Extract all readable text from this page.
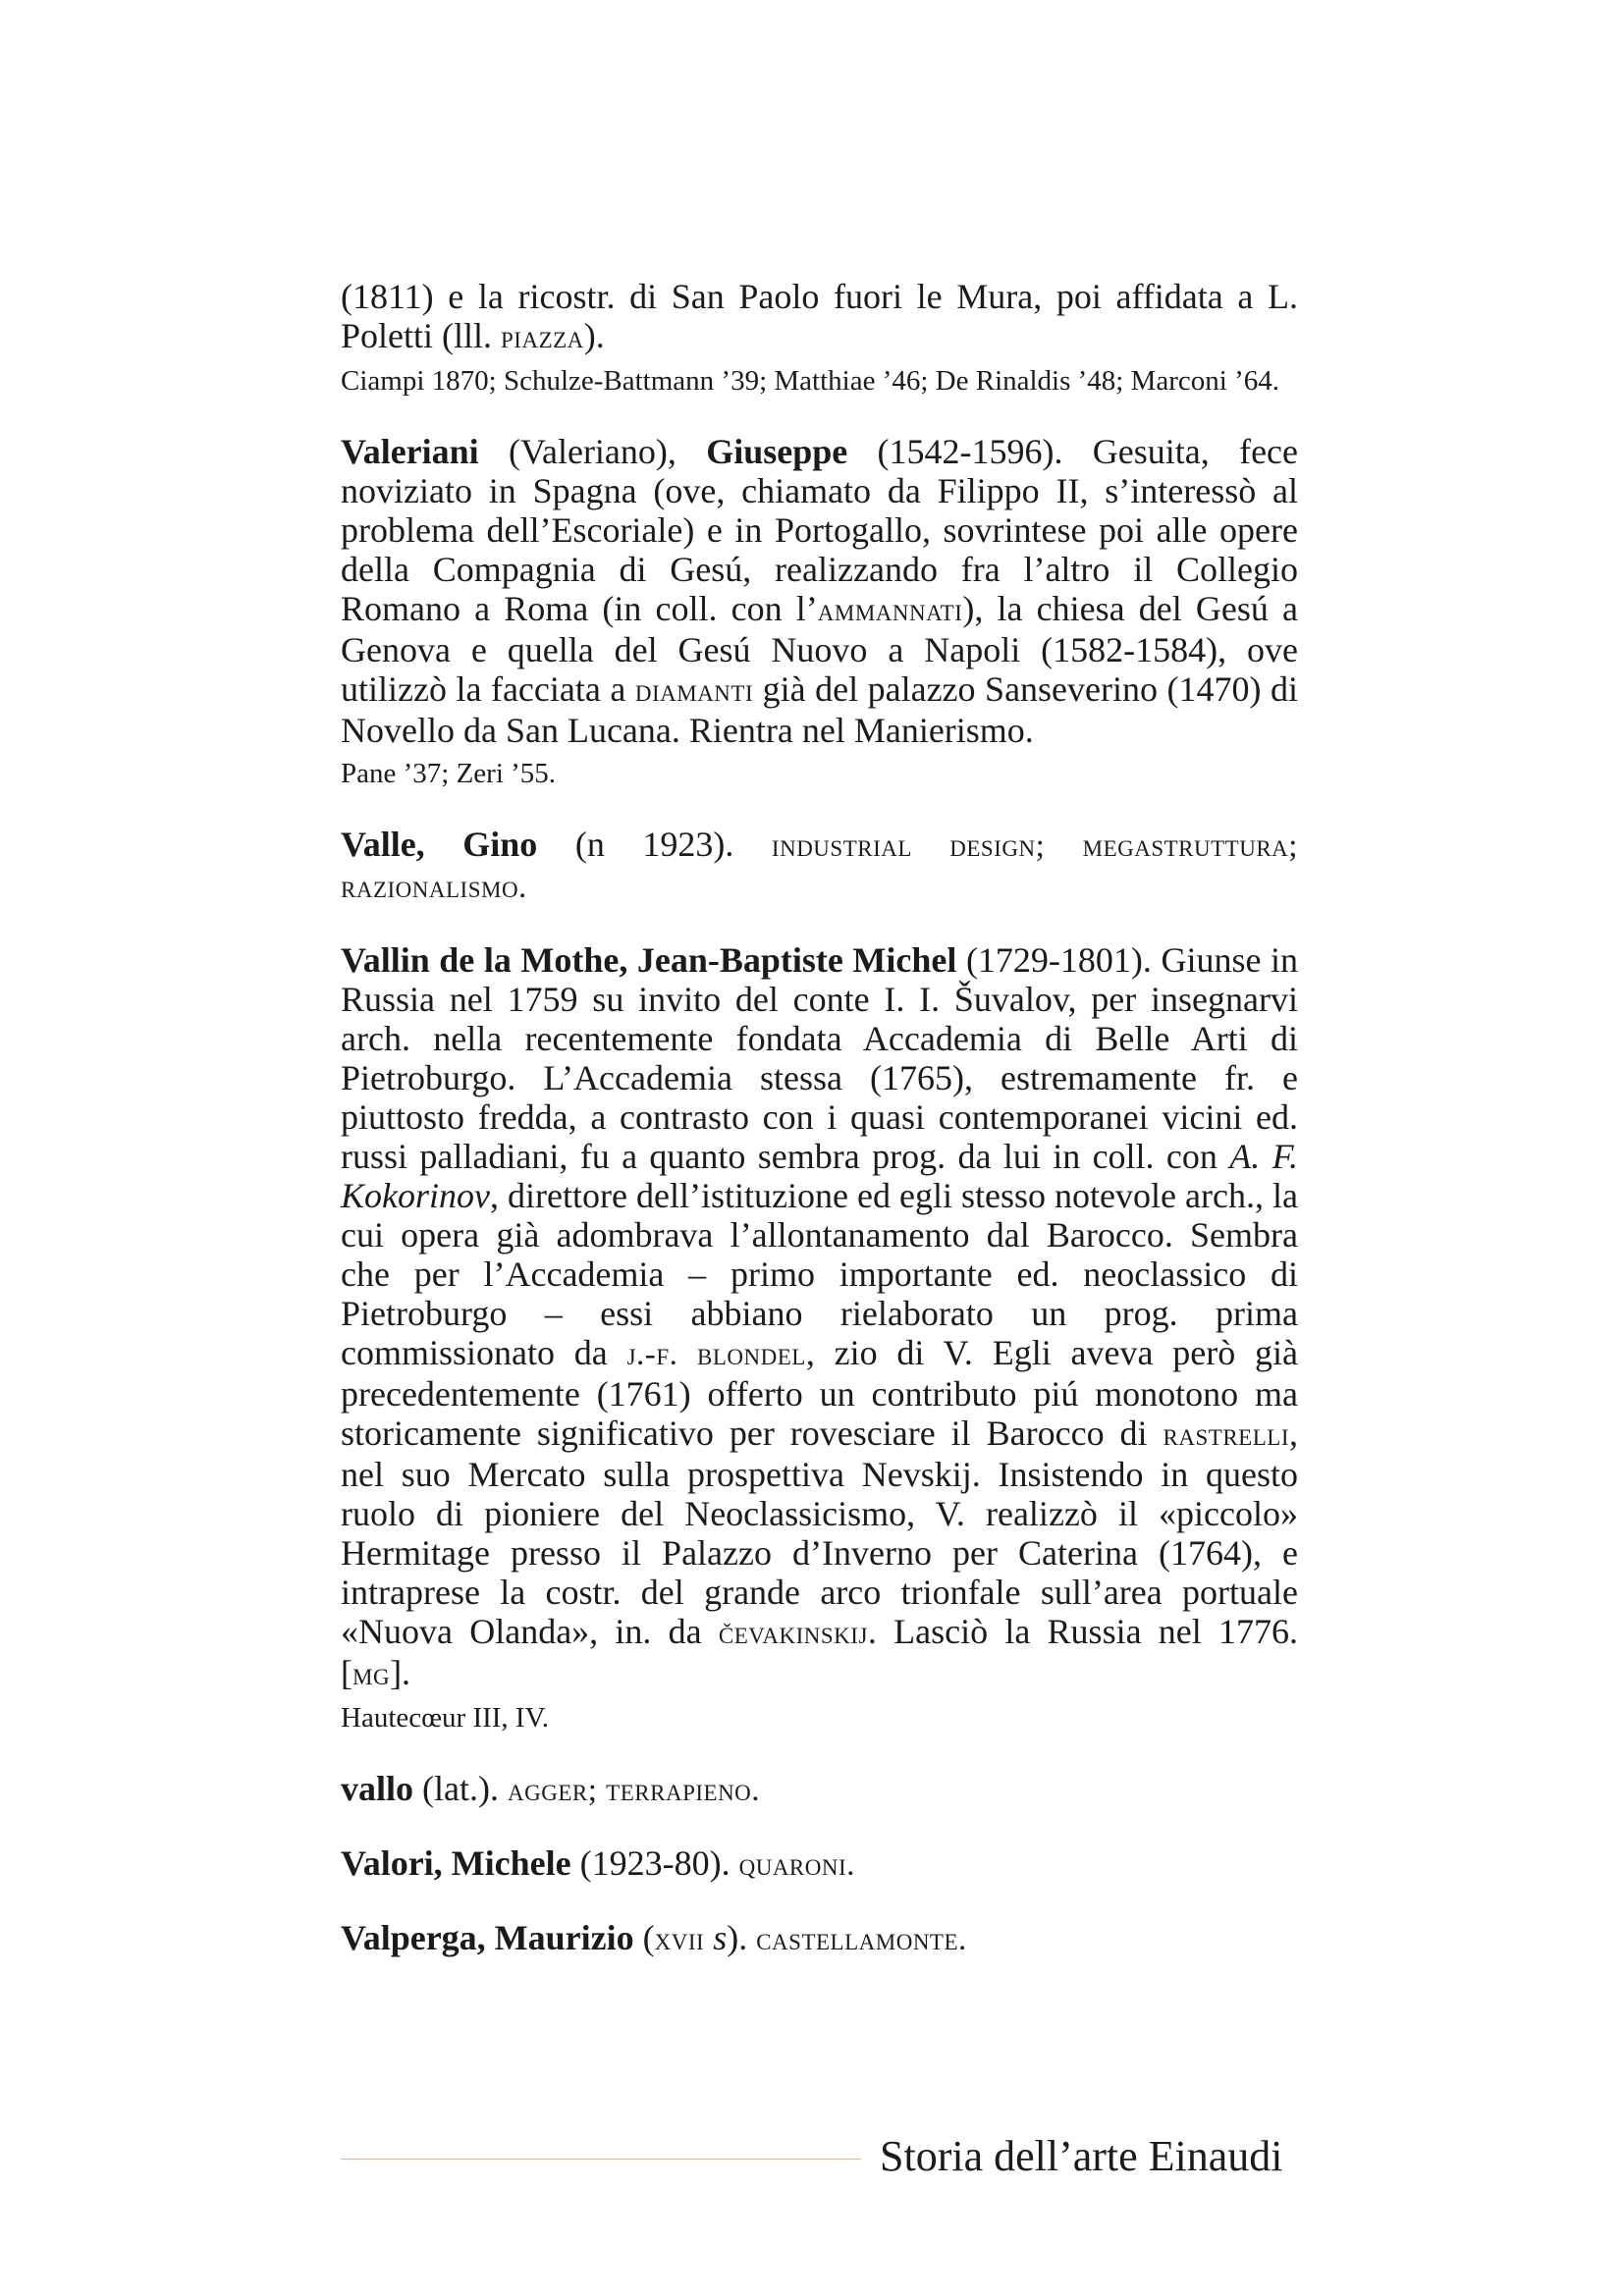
(1811) e la ricostr. di San Paolo fuori le Mura, poi affidata a L. Poletti (lll. piazza).

Ciampi 1870; Schulze-Battmann ’39; Matthiae ’46; De Rinaldis ’48; Marconi ’64.

Valeriani (Valeriano), Giuseppe (1542-1596). Gesuita, fece noviziato in Spagna (ove, chiamato da Filippo II, s’interessò al problema dell’Escoriale) e in Portogallo, sovrintese poi alle opere della Compagnia di Gesú, realizzando fra l’altro il Collegio Romano a Roma (in coll. con l’ammannati), la chiesa del Gesú a Genova e quella del Gesú Nuovo a Napoli (1582-1584), ove utilizzò la facciata a diamanti già del palazzo Sanseverino (1470) di Novello da San Lucana. Rientra nel Manierismo.

Pane ’37; Zeri ’55.

Valle, Gino (n 1923). industrial design; megastruttura; razionalismo.

Vallin de la Mothe, Jean-Baptiste Michel (1729-1801). Giunse in Russia nel 1759 su invito del conte I. I. Šuvalov, per insegnarvi arch. nella recentemente fondata Accademia di Belle Arti di Pietroburgo. L’Accademia stessa (1765), estremamente fr. e piuttosto fredda, a contrasto con i quasi contemporanei vicini ed. russi palladiani, fu a quanto sembra prog. da lui in coll. con A. F. Kokorinov, direttore dell’istituzione ed egli stesso notevole arch., la cui opera già adombrava l’allontanamento dal Barocco. Sembra che per l’Accademia – primo importante ed. neoclassico di Pietroburgo – essi abbiano rielaborato un prog. prima commissionato da j.-f. blondel, zio di V. Egli aveva però già precedentemente (1761) offerto un contributo piú monotono ma storicamente significativo per rovesciare il Barocco di rastrelli, nel suo Mercato sulla prospettiva Nevskij. Insistendo in questo ruolo di pioniere del Neoclassicismo, V. realizzò il «piccolo» Hermitage presso il Palazzo d’Inverno per Caterina (1764), e intraprese la costr. del grande arco trionfale sull’area portuale «Nuova Olanda», in. da čevakinskij. Lasciò la Russia nel 1776. [mg].

Hautecœur III, IV.

vallo (lat.). agger; terrapieno.

Valori, Michele (1923-80). quaroni.

Valperga, Maurizio (xvii s). castellamonte.

Storia dell’arte Einaudi
